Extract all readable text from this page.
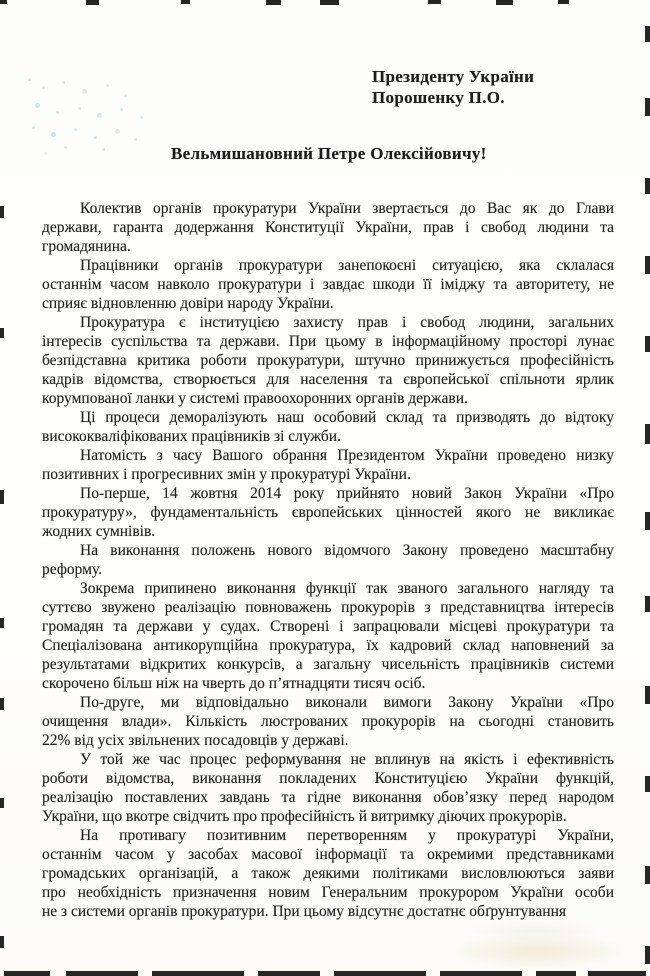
Президенту України
Порошенку П.О.
Вельмишановний Петре Олексійовичу!
Колектив органів прокуратури України звертається до Вас як до Глави
держави, гаранта додержання Конституції України, прав і свобод людини та
громадянина.
Працівники органів прокуратури занепокоєні ситуацією, яка склалася
останнім часом навколо прокуратури і завдає шкоди її іміджу та авторитету, не
сприяє відновленню довіри народу України.
Прокуратура є інституцією захисту прав і свобод людини, загальних
інтересів суспільства та держави. При цьому в інформаційному просторі лунає
безпідставна критика роботи прокуратури, штучно принижується професійність
кадрів відомства, створюється для населення та європейської спільноти ярлик
корумпованої ланки у системі правоохоронних органів держави.
Ці процеси деморалізують наш особовий склад та призводять до відтоку
висококваліфікованих працівників зі служби.
Натомість з часу Вашого обрання Президентом України проведено низку
позитивних і прогресивних змін у прокуратурі України.
По-перше, 14 жовтня 2014 року прийнято новий Закон України «Про
прокуратуру», фундаментальність європейських цінностей якого не викликає
жодних сумнівів.
На виконання положень нового відомчого Закону проведено масштабну
реформу.
Зокрема припинено виконання функції так званого загального нагляду та
суттєво звужено реалізацію повноважень прокурорів з представництва інтересів
громадян та держави у судах. Створені і запрацювали місцеві прокуратури та
Спеціалізована антикорупційна прокуратура, їх кадровий склад наповнений за
результатами відкритих конкурсів, а загальну чисельність працівників системи
скорочено більш ніж на чверть до п’ятнадцяти тисяч осіб.
По-друге, ми відповідально виконали вимоги Закону України «Про
очищення влади». Кількість люстрованих прокурорів на сьогодні становить
22% від усіх звільнених посадовців у державі.
У той же час процес реформування не вплинув на якість і ефективність
роботи відомства, виконання покладених Конституцією України функцій,
реалізацію поставлених завдань та гідне виконання обов’язку перед народом
України, що вкотре свідчить про професійність й витримку діючих прокурорів.
На противагу позитивним перетворенням у прокуратурі України,
останнім часом у засобах масової інформації та окремими представниками
громадських організацій, а також деякими політиками висловлюються заяви
про необхідність призначення новим Генеральним прокурором України особи
не з системи органів прокуратури. При цьому відсутнє достатнє обґрунтування
